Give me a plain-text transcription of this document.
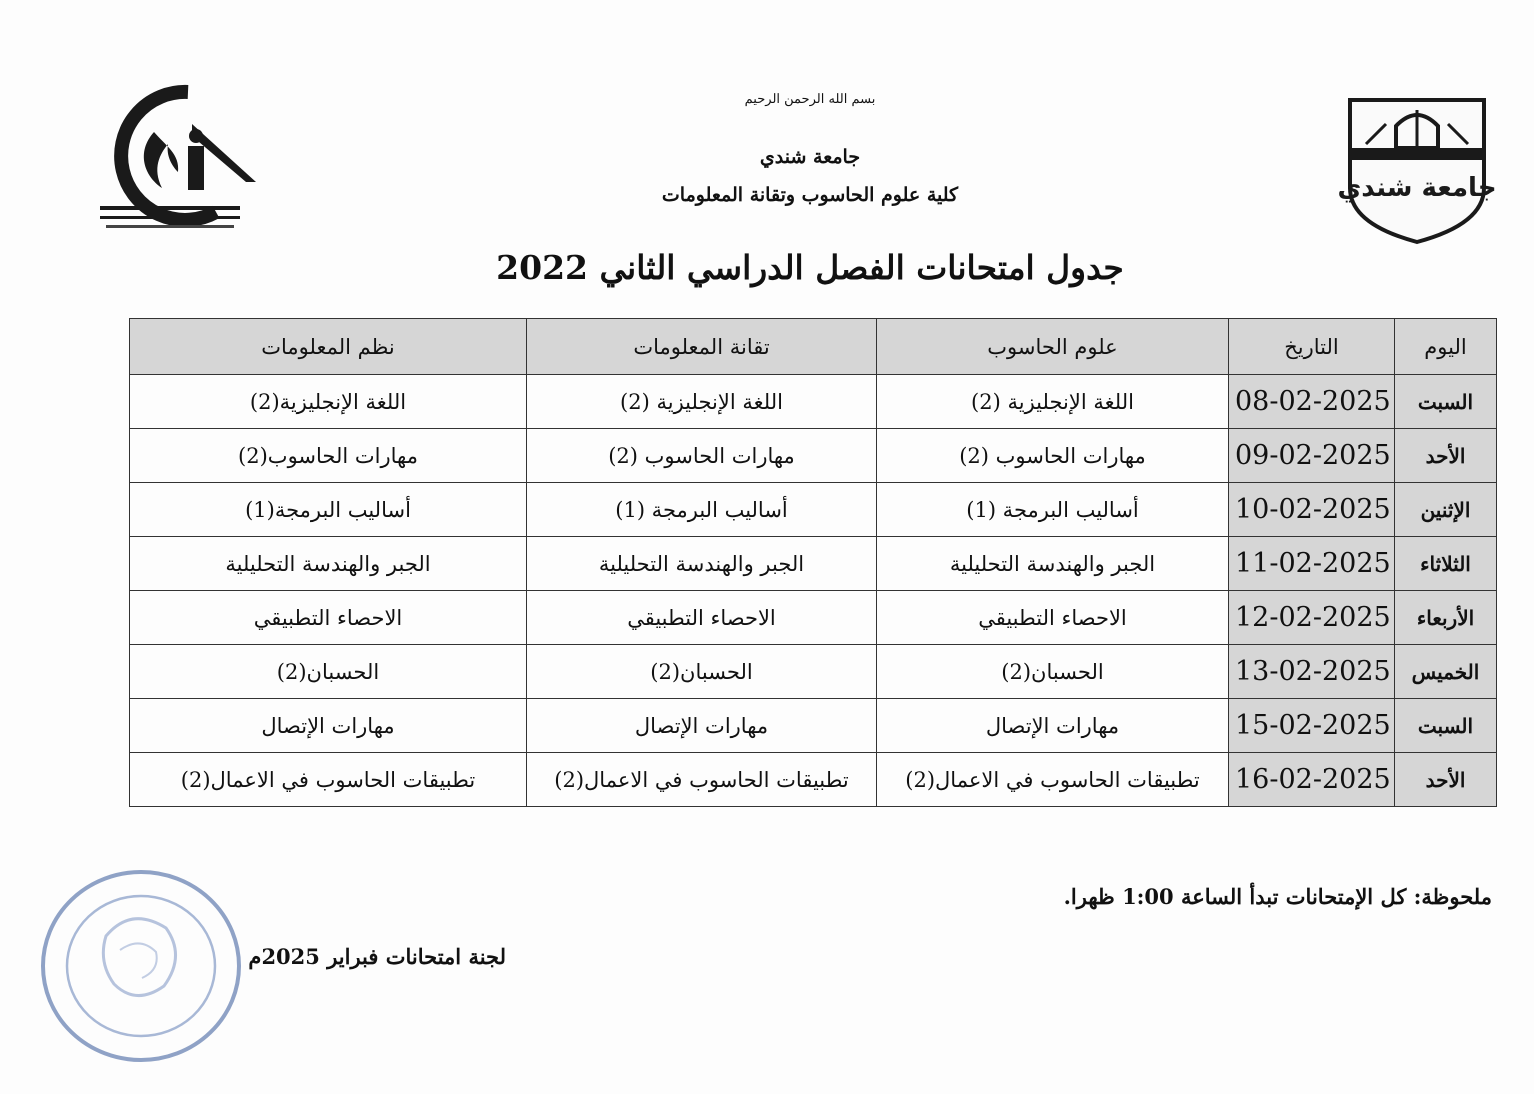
جامعة شندي
بسم الله الرحمن الرحيم
جامعة شندي
كلية علوم الحاسوب وتقانة المعلومات
جدول امتحانات الفصل الدراسي الثاني 2022
اليوم	التاريخ	علوم الحاسوب	تقانة المعلومات	نظم المعلومات
السبت	08-02-2025	اللغة الإنجليزية (2)	اللغة الإنجليزية (2)	اللغة الإنجليزية(2)
الأحد	09-02-2025	مهارات الحاسوب (2)	مهارات الحاسوب (2)	مهارات الحاسوب(2)
الإثنين	10-02-2025	أساليب البرمجة (1)	أساليب البرمجة (1)	أساليب البرمجة(1)
الثلاثاء	11-02-2025	الجبر والهندسة التحليلية	الجبر والهندسة التحليلية	الجبر والهندسة التحليلية
الأربعاء	12-02-2025	الاحصاء التطبيقي	الاحصاء التطبيقي	الاحصاء التطبيقي
الخميس	13-02-2025	الحسبان(2)	الحسبان(2)	الحسبان(2)
السبت	15-02-2025	مهارات الإتصال	مهارات الإتصال	مهارات الإتصال
الأحد	16-02-2025	تطبيقات الحاسوب في الاعمال(2)	تطبيقات الحاسوب في الاعمال(2)	تطبيقات الحاسوب في الاعمال(2)
ملحوظة: كل الإمتحانات تبدأ الساعة 1:00 ظهرا.
لجنة امتحانات فبراير 2025م
